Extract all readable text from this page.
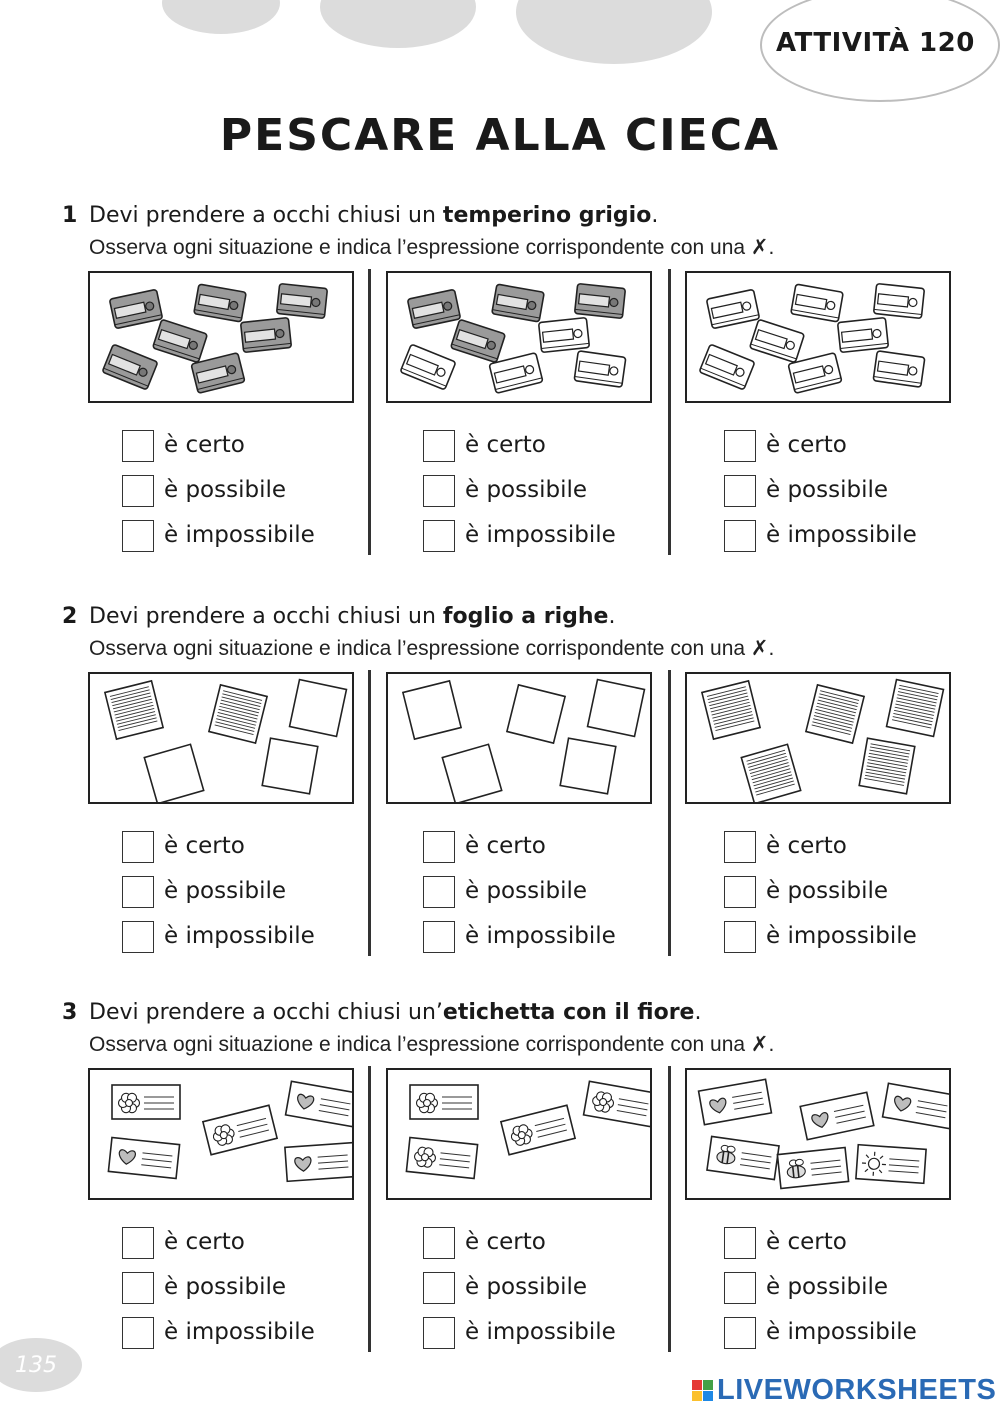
ATTIVITÀ 120
PESCARE ALLA CIECA
1 Devi prendere a occhi chiusi un temperino grigio.
Osserva ogni situazione e indica l’espressione corrispondente con una ✗.
è certo
è possibile
è impossibile
è certo
è possibile
è impossibile
è certo
è possibile
è impossibile
2 Devi prendere a occhi chiusi un foglio a righe.
Osserva ogni situazione e indica l’espressione corrispondente con una ✗.
è certo
è possibile
è impossibile
è certo
è possibile
è impossibile
è certo
è possibile
è impossibile
3 Devi prendere a occhi chiusi un’etichetta con il fiore.
Osserva ogni situazione e indica l’espressione corrispondente con una ✗.
è certo
è possibile
è impossibile
è certo
è possibile
è impossibile
è certo
è possibile
è impossibile
135
LIVEWORKSHEETS
